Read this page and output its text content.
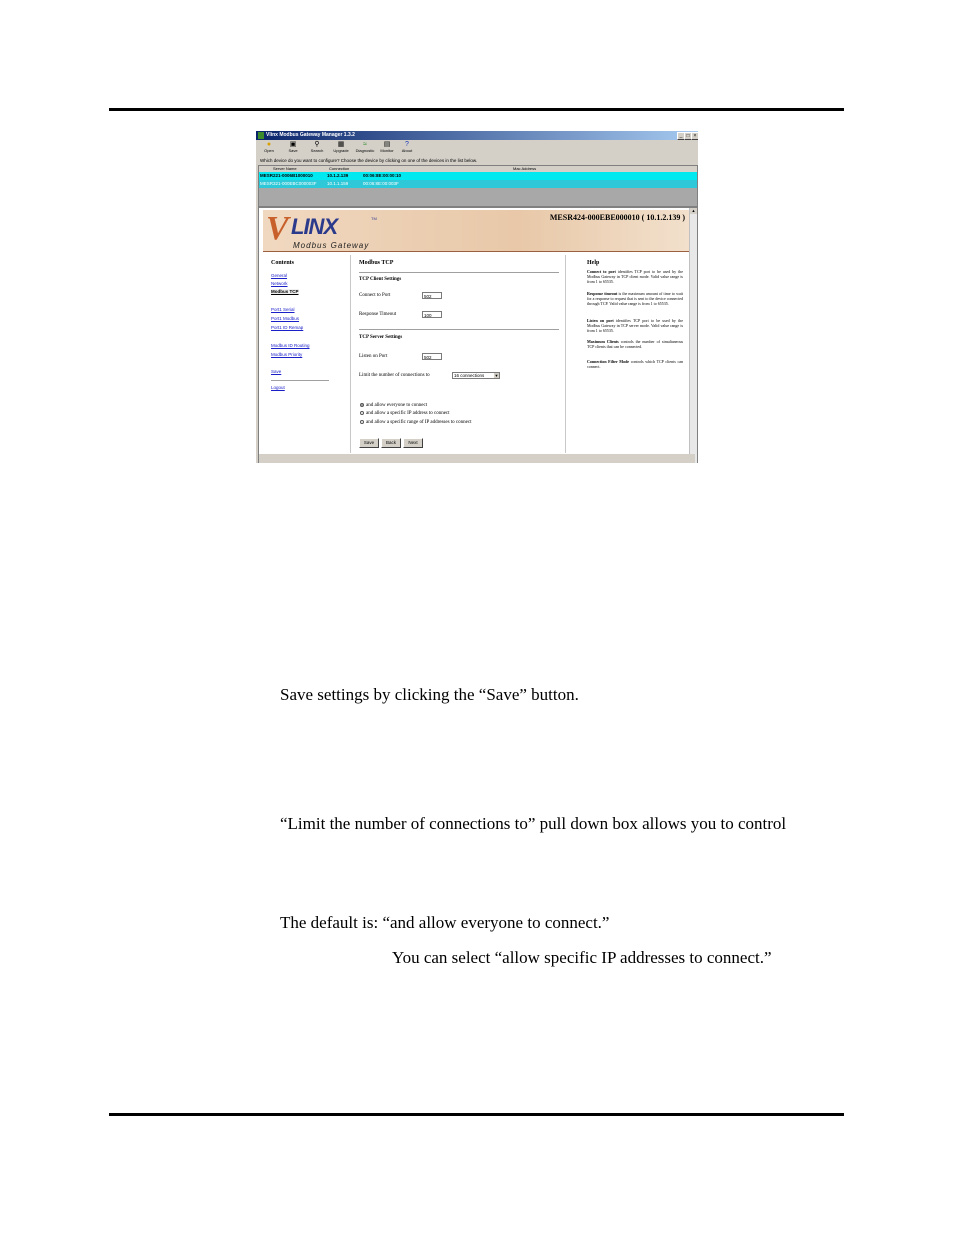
Vlinx Modbus Gateway Manager 1.3.2	_ □ ×
●
Open
▣
Save
⚲
Search
▦
Upgrade
≈
Diagnostic
▤
Monitor
?
About
Which device do you want to configure? Choose the device by clicking on one of the devices in the list below.
Server Name	Connection	Mac Address
MESR221-0006B1000010	10.1.2.139	00:06:8E:00:00:10
MESR321-000EBC000003F 10.1.1.159	00:06:8E:00:003F
V LINX	TM
Modbus Gateway
MESR424-000EBE000010 ( 10.1.2.139 )
Contents
General
Network
Modbus TCP
Port1 Serial
Port1 Modbus
Port1 ID Remap
Modbus ID Routing
Modbus Priority
Save
Logout
Modbus TCP
TCP Client Settings
Connect to Port	502
Response Timeout	100
TCP Server Settings
Listen on Port	502
Limit the number of connections to	16 connections	▼
and allow everyone to connect
and allow a specific IP address to connect
and allow a specific range of IP addresses to connect
Save	Back	Next
Help
Connect to port identifies TCP port to be used by the Modbus Gateway in TCP client mode. Valid value range is from 1 to 65535.
Response timeout is the maximum amount of time to wait for a response to request that is sent to the device connected through TCP. Valid value range is from 1 to 65535.
Listen on port identifies TCP port to be used by the Modbus Gateway in TCP server mode. Valid value range is from 1 to 65535.
Maximum Clients controls the number of simultaneous TCP clients that can be connected.
Connection Filter Mode controls which TCP clients can connect.
▲
Save settings by clicking the “Save” button.
“Limit the number of connections to” pull down box allows you to control
The default is: “and allow everyone to connect.”
You can select “allow specific IP addresses to connect.”
